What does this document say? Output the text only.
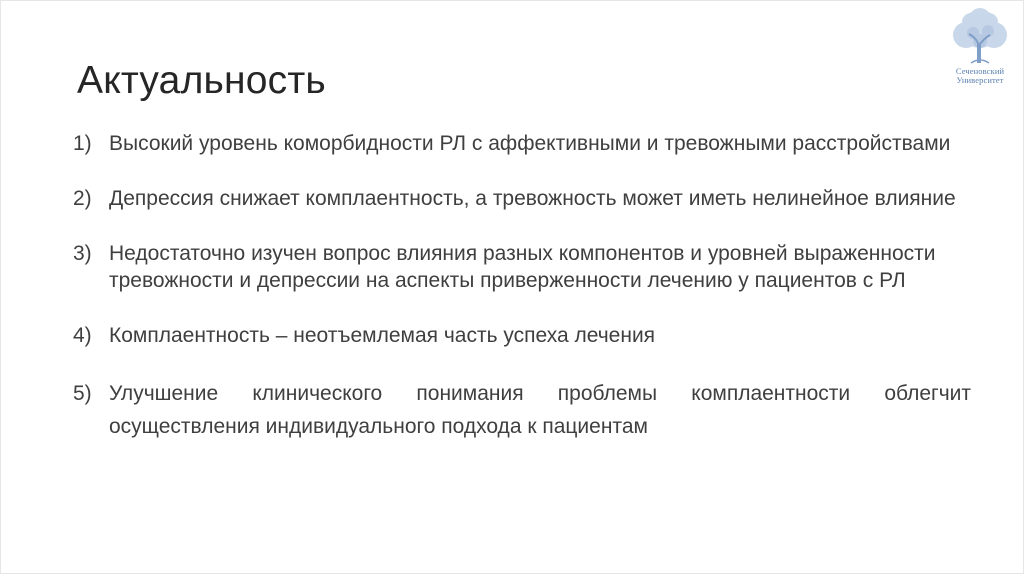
Актуальность	Сеченовский
Университет
1) Высокий уровень коморбидности РЛ с аффективными и тревожными расстройствами
2) Депрессия снижает комплаентность, а тревожность может иметь нелинейное влияние
3) Недостаточно изучен вопрос влияния разных компонентов и уровней выраженности тревожности и депрессии на аспекты приверженности лечению у пациентов с РЛ
4) Комплаентность – неотъемлемая часть успеха лечения
5) Улучшение клинического понимания проблемы комплаентности облегчит осуществления индивидуального подхода к пациентам
